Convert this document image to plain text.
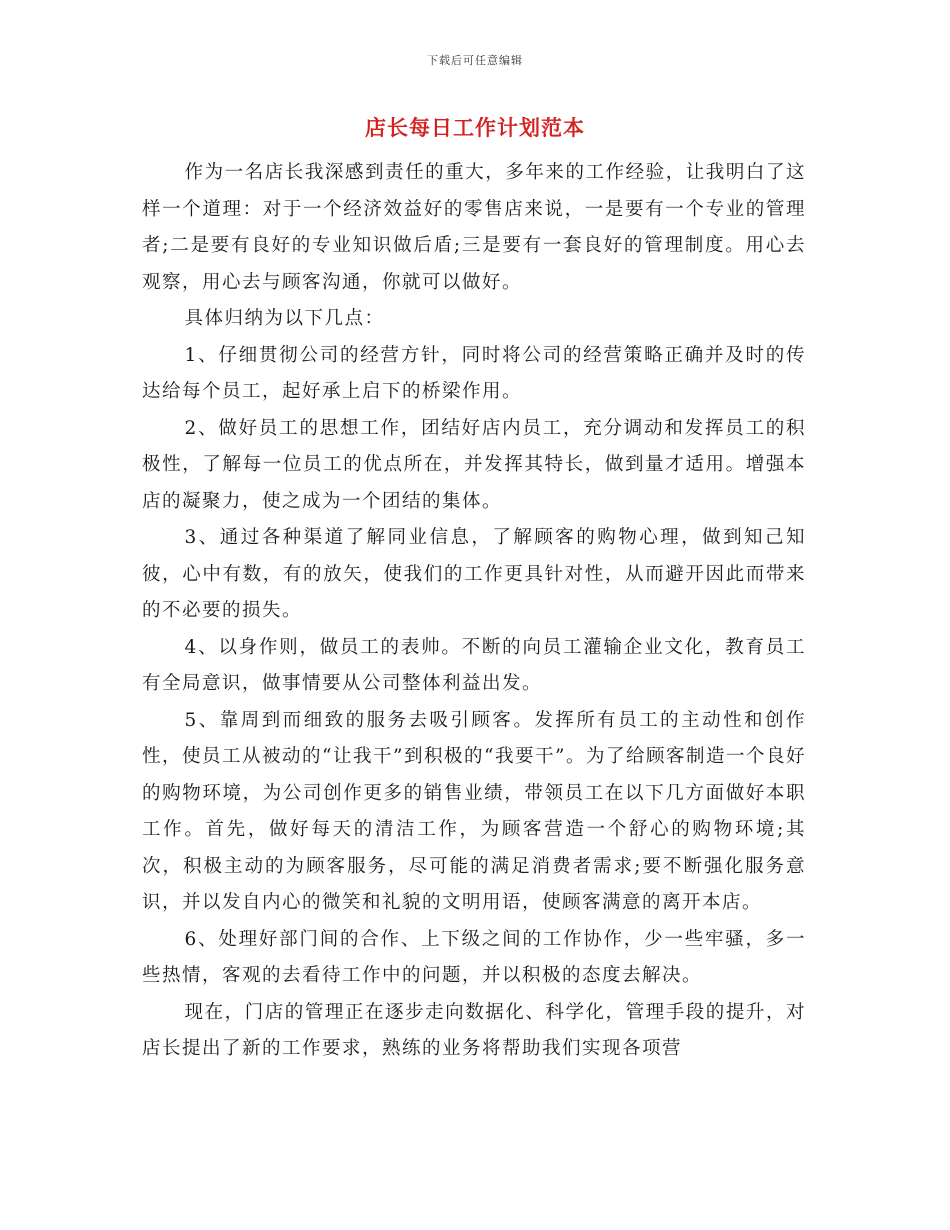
下载后可任意编辑
店长每日工作计划范本

作为一名店长我深感到责任的重大，多年来的工作经验，让我明白了这样一个道理：对于一个经济效益好的零售店来说，一是要有一个专业的管理者;二是要有良好的专业知识做后盾;三是要有一套良好的管理制度。用心去观察，用心去与顾客沟通，你就可以做好。

具体归纳为以下几点：

1、仔细贯彻公司的经营方针，同时将公司的经营策略正确并及时的传达给每个员工，起好承上启下的桥梁作用。

2、做好员工的思想工作，团结好店内员工，充分调动和发挥员工的积极性，了解每一位员工的优点所在，并发挥其特长，做到量才适用。增强本店的凝聚力，使之成为一个团结的集体。

3、通过各种渠道了解同业信息，了解顾客的购物心理，做到知己知彼，心中有数，有的放矢，使我们的工作更具针对性，从而避开因此而带来的不必要的损失。

4、以身作则，做员工的表帅。不断的向员工灌输企业文化，教育员工有全局意识，做事情要从公司整体利益出发。

5、靠周到而细致的服务去吸引顾客。发挥所有员工的主动性和创作性，使员工从被动的“让我干”到积极的“我要干”。为了给顾客制造一个良好的购物环境，为公司创作更多的销售业绩，带领员工在以下几方面做好本职工作。首先，做好每天的清洁工作，为顾客营造一个舒心的购物环境;其次，积极主动的为顾客服务，尽可能的满足消费者需求;要不断强化服务意识，并以发自内心的微笑和礼貌的文明用语，使顾客满意的离开本店。

6、处理好部门间的合作、上下级之间的工作协作，少一些牢骚，多一些热情，客观的去看待工作中的问题，并以积极的态度去解决。

现在，门店的管理正在逐步走向数据化、科学化，管理手段的提升，对店长提出了新的工作要求，熟练的业务将帮助我们实现各项营
